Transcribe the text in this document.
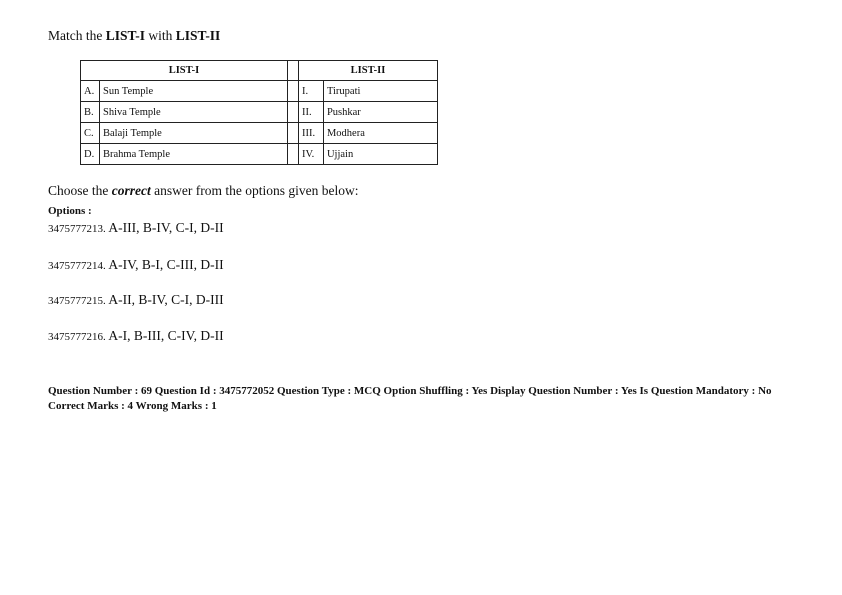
Match the LIST-I with LIST-II
LIST-I			LIST-II	
A.	Sun Temple		I.	Tirupati
B.	Shiva Temple		II.	Pushkar
C.	Balaji Temple		III.	Modhera
D.	Brahma Temple		IV.	Ujjain
Choose the correct answer from the options given below:
Options :
3475777213. A-III, B-IV, C-I, D-II
3475777214. A-IV, B-I, C-III, D-II
3475777215. A-II, B-IV, C-I, D-III
3475777216. A-I, B-III, C-IV, D-II
Question Number : 69 Question Id : 3475772052 Question Type : MCQ Option Shuffling : Yes Display Question Number : Yes Is Question Mandatory : No
Correct Marks : 4 Wrong Marks : 1
